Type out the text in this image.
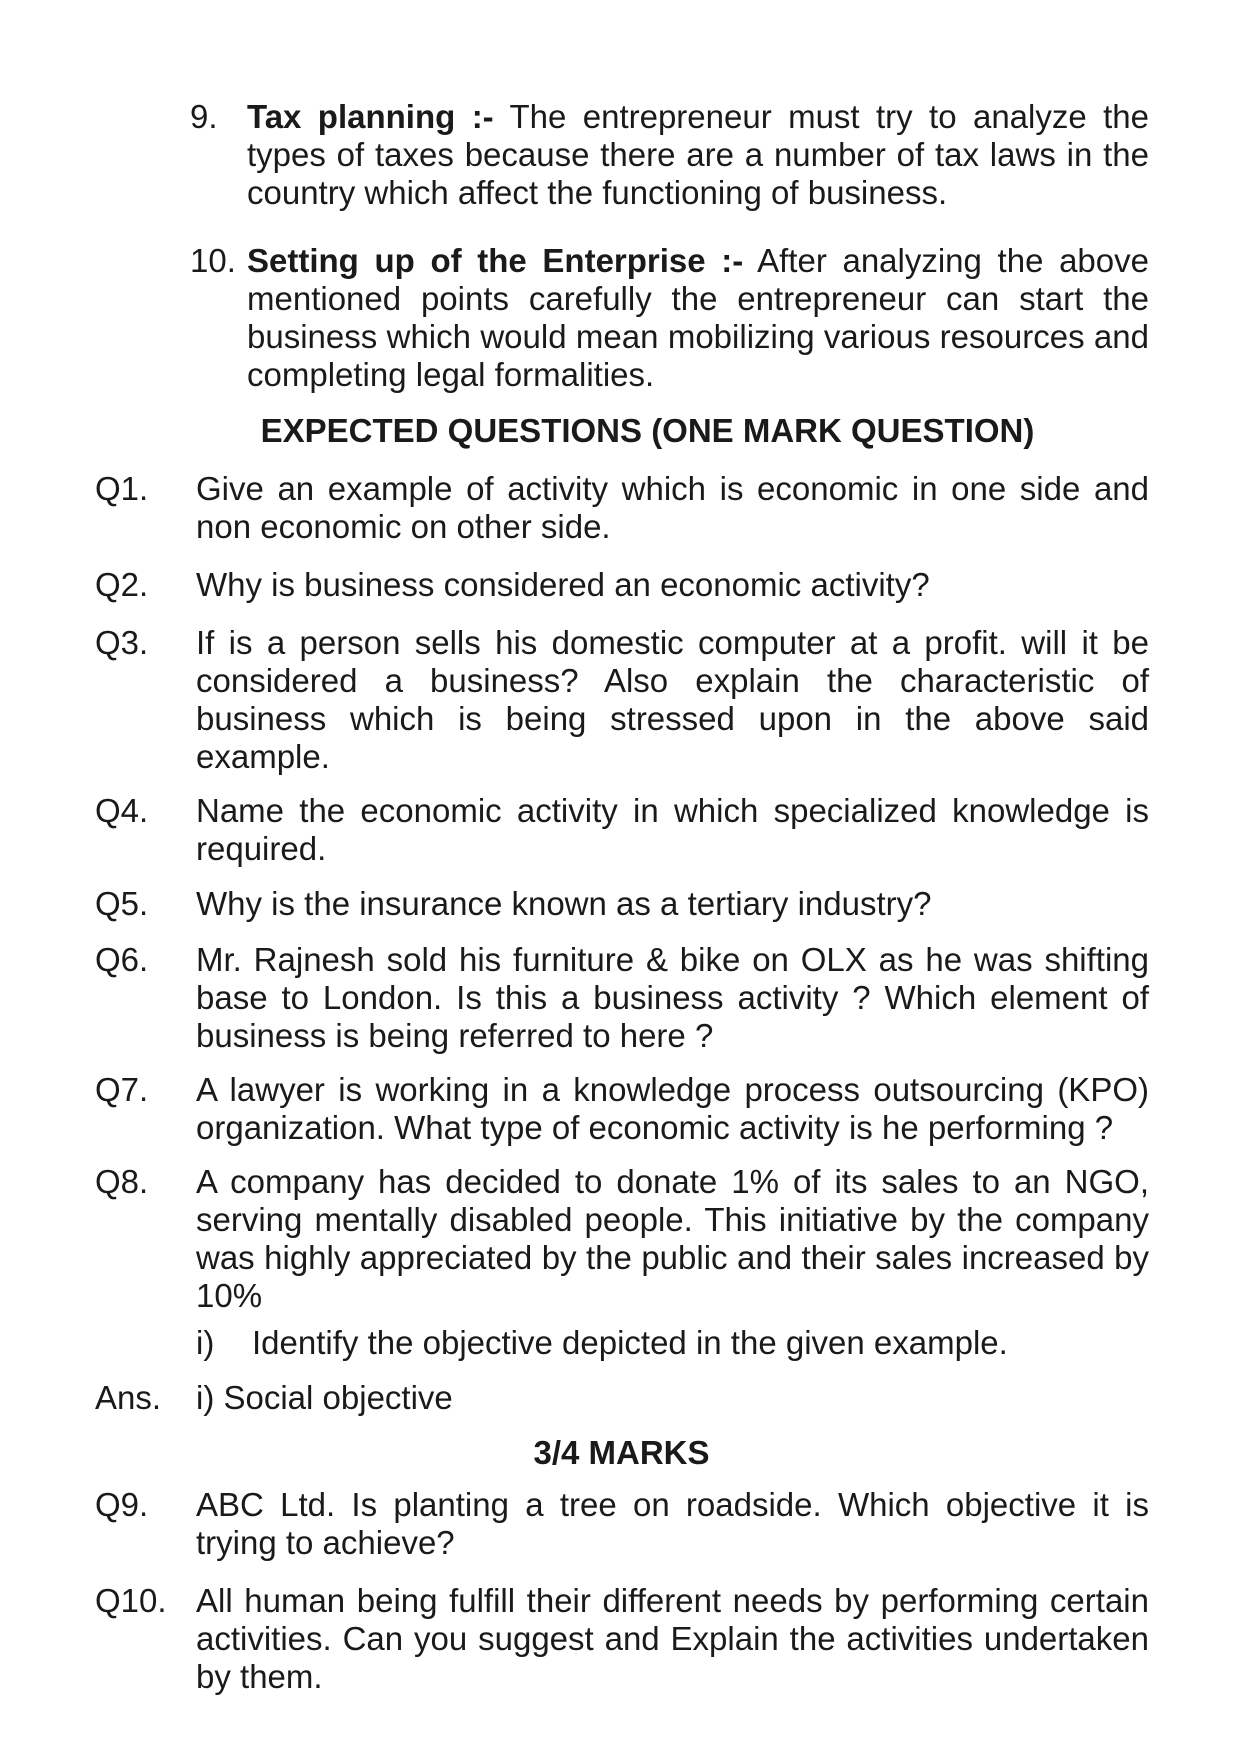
9. Tax planning :- The entrepreneur must try to analyze the types of taxes because there are a number of tax laws in the country which affect the functioning of business.

10. Setting up of the Enterprise :- After analyzing the above mentioned points carefully the entrepreneur can start the business which would mean mobilizing various resources and completing legal formalities.

EXPECTED QUESTIONS (ONE MARK QUESTION)
Q1. Give an example of activity which is economic in one side and non economic on other side.

Q2. Why is business considered an economic activity?

Q3. If is a person sells his domestic computer at a profit. will it be considered a business? Also explain the characteristic of business which is being stressed upon in the above said example.

Q4. Name the economic activity in which specialized knowledge is required.

Q5. Why is the insurance known as a tertiary industry?

Q6. Mr. Rajnesh sold his furniture & bike on OLX as he was shifting base to London. Is this a business activity ? Which element of business is being referred to here ?

Q7. A lawyer is working in a knowledge process outsourcing (KPO) organization. What type of economic activity is he performing ?

Q8. A company has decided to donate 1% of its sales to an NGO, serving mentally disabled people. This initiative by the company was highly appreciated by the public and their sales increased by 10%

i) Identify the objective depicted in the given example.

Ans. i) Social objective

3/4 MARKS
Q9. ABC Ltd. Is planting a tree on roadside. Which objective it is trying to achieve?

Q10. All human being fulfill their different needs by performing certain activities. Can you suggest and Explain the activities undertaken by them.
